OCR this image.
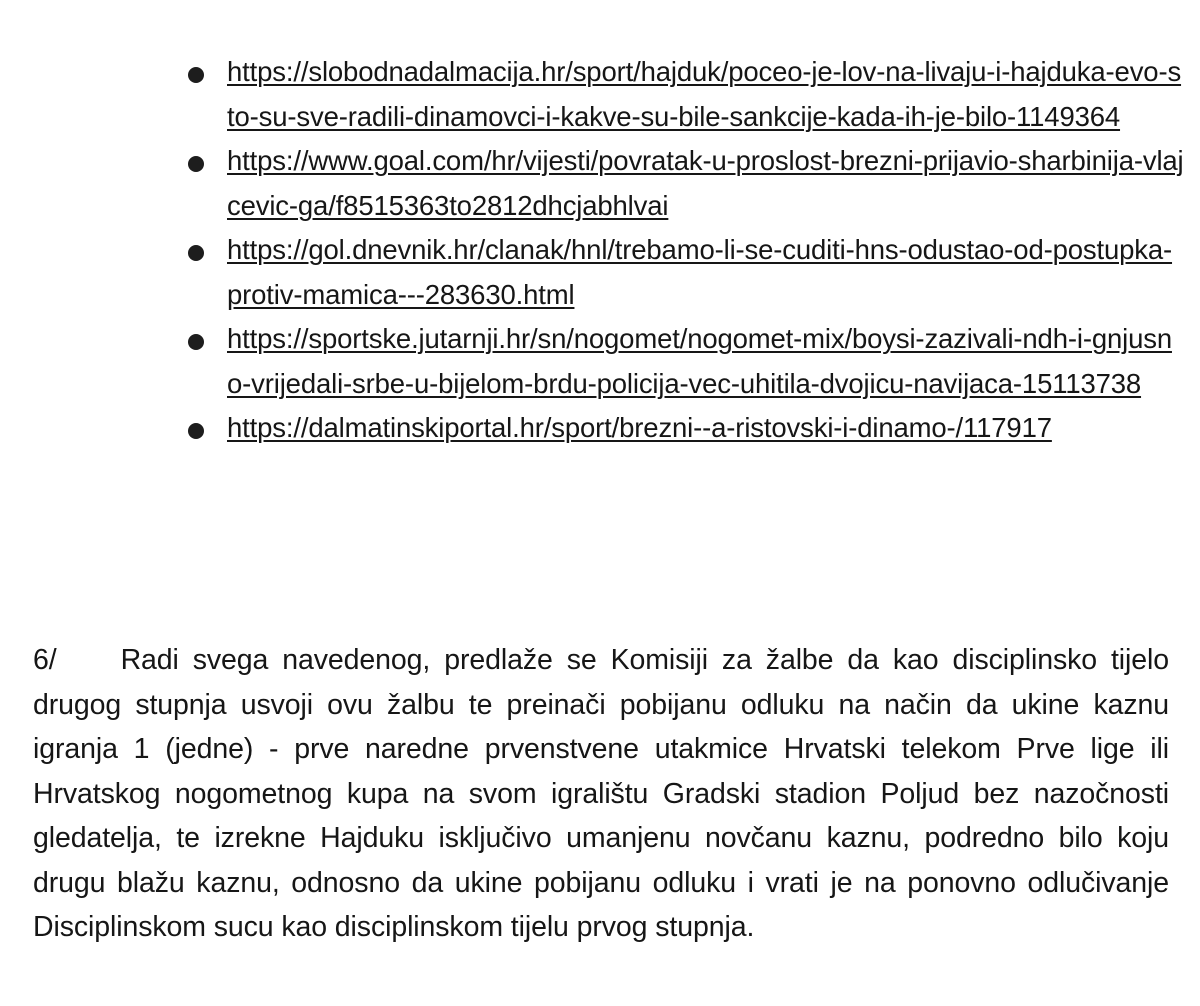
https://slobodnadalmacija.hr/sport/hajduk/poceo-je-lov-na-livaju-i-hajduka-evo-sto-su-sve-radili-dinamovci-i-kakve-su-bile-sankcije-kada-ih-je-bilo-1149364
https://www.goal.com/hr/vijesti/povratak-u-proslost-brezni-prijavio-sharbinija-vlajcevic-ga/f8515363to2812dhcjabhlvai
https://gol.dnevnik.hr/clanak/hnl/trebamo-li-se-cuditi-hns-odustao-od-postupka-protiv-mamica---283630.html
https://sportske.jutarnji.hr/sn/nogomet/nogomet-mix/boysi-zazivali-ndh-i-gnjusno-vrijedali-srbe-u-bijelom-brdu-policija-vec-uhitila-dvojicu-navijaca-15113738
https://dalmatinskiportal.hr/sport/brezni--a-ristovski-i-dinamo-/117917

6/ Radi svega navedenog, predlaže se Komisiji za žalbe da kao disciplinsko tijelo drugog stupnja usvoji ovu žalbu te preinači pobijanu odluku na način da ukine kaznu igranja 1 (jedne) - prve naredne prvenstvene utakmice Hrvatski telekom Prve lige ili Hrvatskog nogometnog kupa na svom igralištu Gradski stadion Poljud bez nazočnosti gledatelja, te izrekne Hajduku isključivo umanjenu novčanu kaznu, podredno bilo koju drugu blažu kaznu, odnosno da ukine pobijanu odluku i vrati je na ponovno odlučivanje Disciplinskom sucu kao disciplinskom tijelu prvog stupnja.
